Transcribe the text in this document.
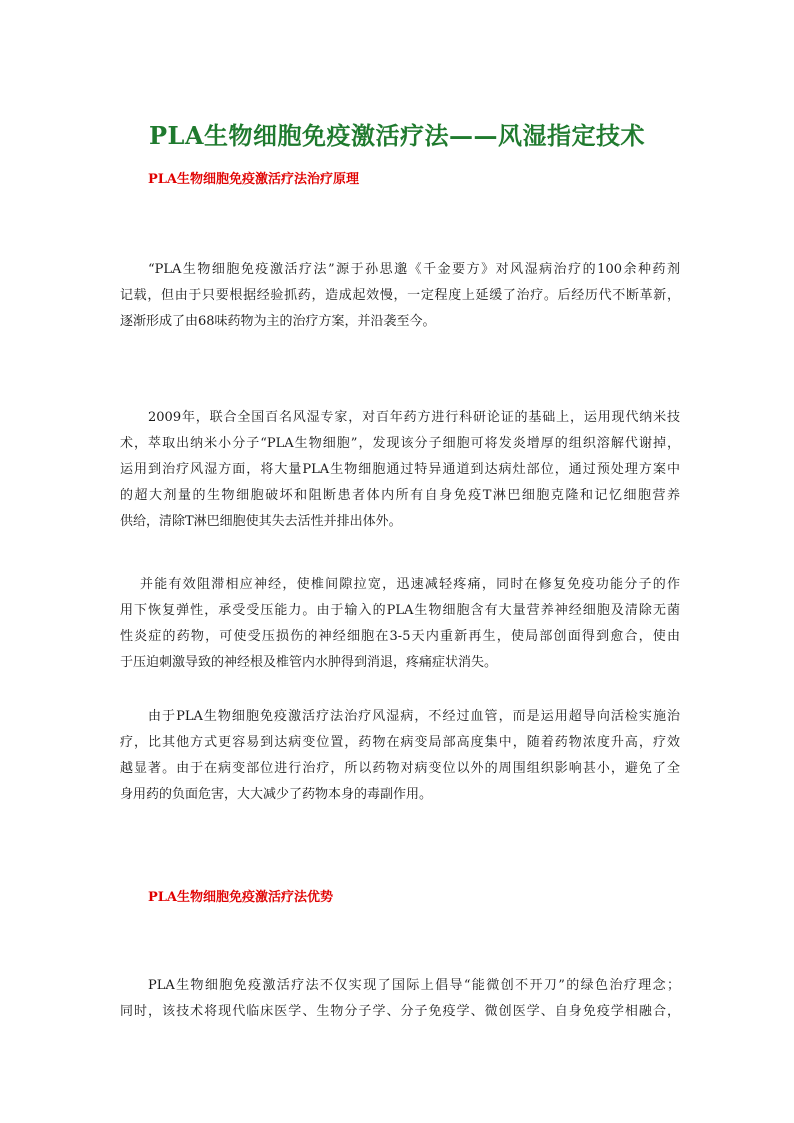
PLA生物细胞免疫激活疗法——风湿指定技术
PLA生物细胞免疫激活疗法治疗原理
“PLA生物细胞免疫激活疗法”源于孙思邈《千金要方》对风湿病治疗的100余种药剂
记载，但由于只要根据经验抓药，造成起效慢，一定程度上延缓了治疗。后经历代不断革新，
逐渐形成了由68味药物为主的治疗方案，并沿袭至今。
2009年，联合全国百名风湿专家，对百年药方进行科研论证的基础上，运用现代纳米技
术，萃取出纳米小分子“PLA生物细胞”，发现该分子细胞可将发炎增厚的组织溶解代谢掉，
运用到治疗风湿方面，将大量PLA生物细胞通过特异通道到达病灶部位，通过预处理方案中
的超大剂量的生物细胞破坏和阻断患者体内所有自身免疫T淋巴细胞克隆和记忆细胞营养
供给，清除T淋巴细胞使其失去活性并排出体外。
并能有效阻滞相应神经，使椎间隙拉宽，迅速减轻疼痛，同时在修复免疫功能分子的作
用下恢复弹性，承受受压能力。由于输入的PLA生物细胞含有大量营养神经细胞及清除无菌
性炎症的药物，可使受压损伤的神经细胞在3-5天内重新再生，使局部创面得到愈合，使由
于压迫刺激导致的神经根及椎管内水肿得到消退，疼痛症状消失。
由于PLA生物细胞免疫激活疗法治疗风湿病，不经过血管，而是运用超导向活检实施治
疗，比其他方式更容易到达病变位置，药物在病变局部高度集中，随着药物浓度升高，疗效
越显著。由于在病变部位进行治疗，所以药物对病变位以外的周围组织影响甚小，避免了全
身用药的负面危害，大大减少了药物本身的毒副作用。
PLA生物细胞免疫激活疗法优势
PLA生物细胞免疫激活疗法不仅实现了国际上倡导“能微创不开刀”的绿色治疗理念；
同时，该技术将现代临床医学、生物分子学、分子免疫学、微创医学、自身免疫学相融合，
